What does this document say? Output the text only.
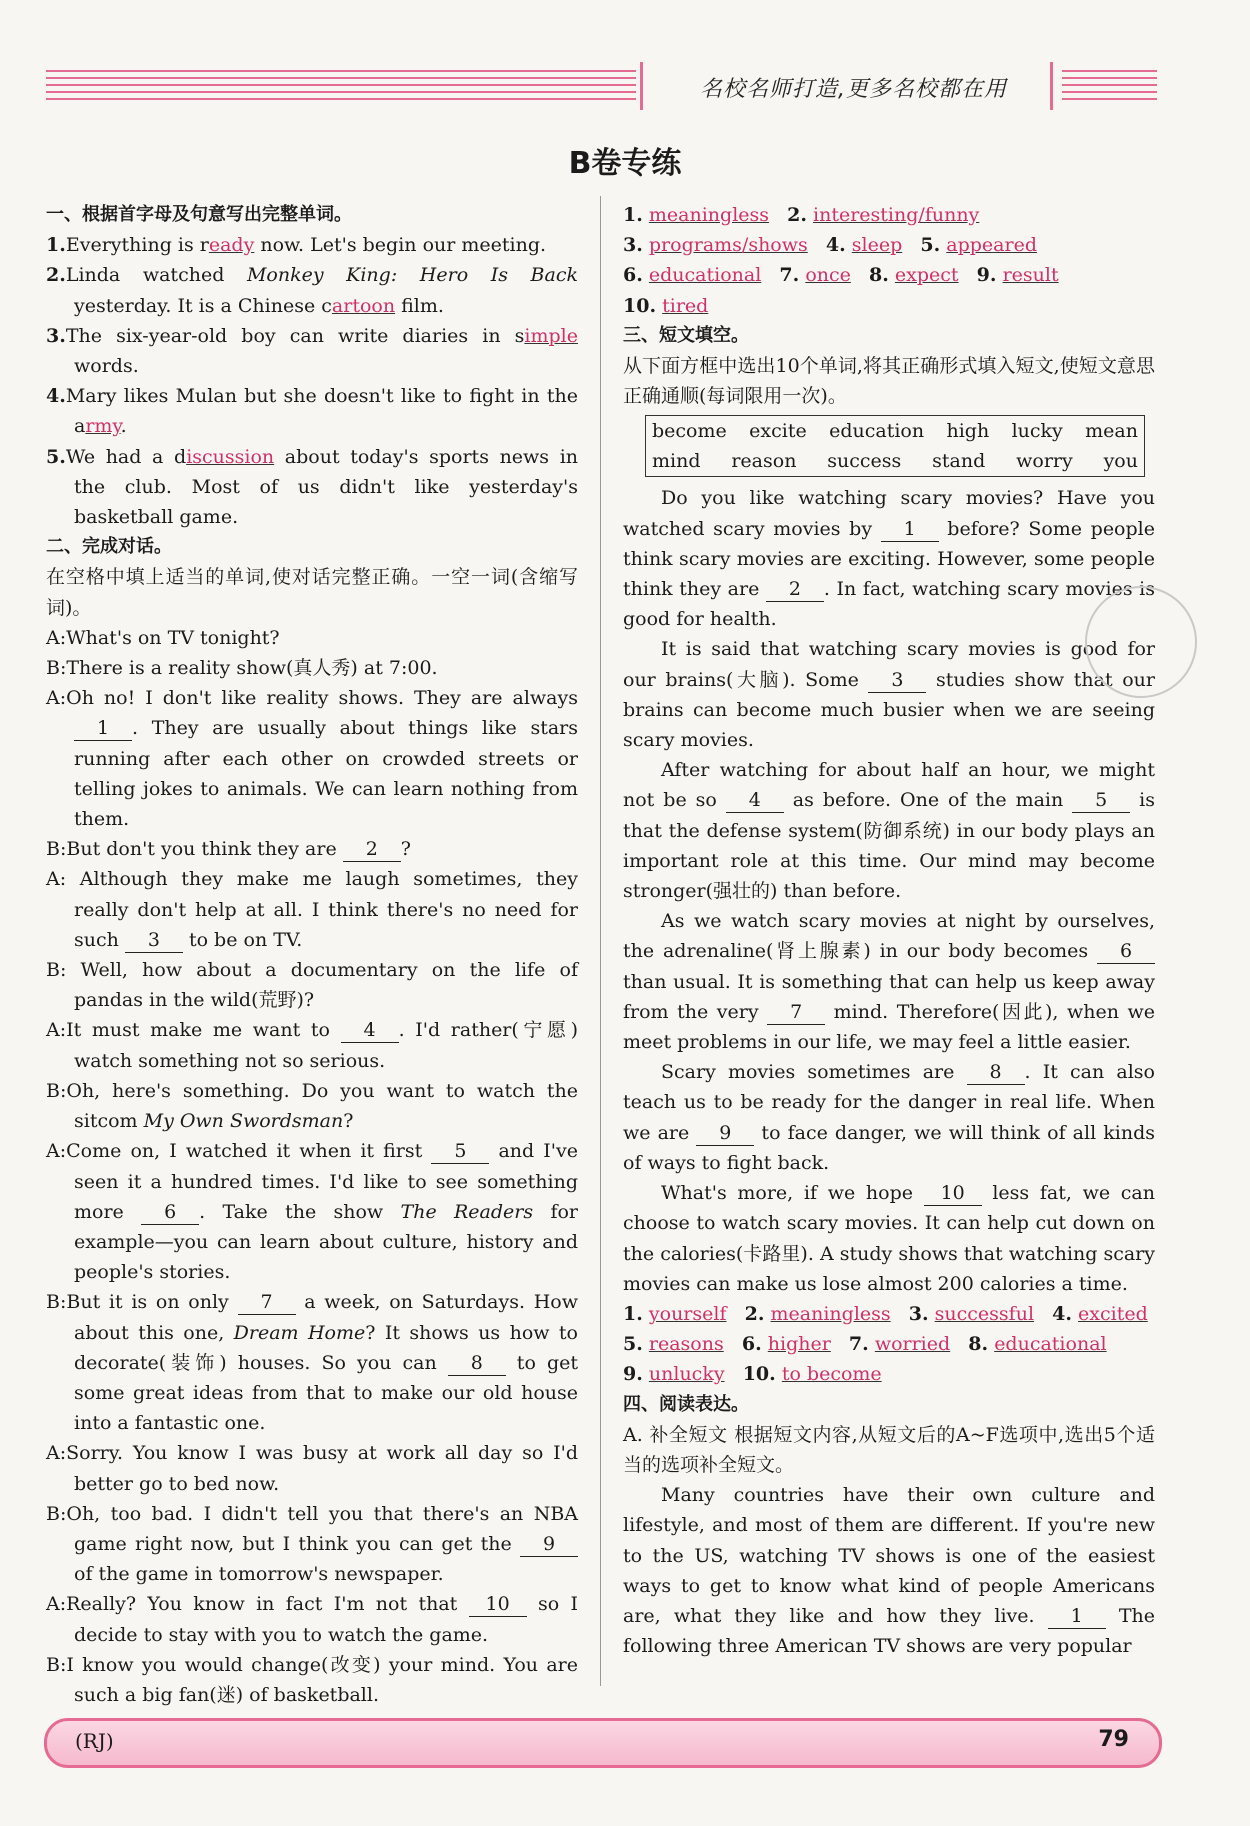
名校名师打造,更多名校都在用
B卷专练
一、根据首字母及句意写出完整单词。

1.Everything is ready now. Let's begin our meeting.

2.Linda watched Monkey King: Hero Is Back yesterday. It is a Chinese cartoon film.

3.The six-year-old boy can write diaries in simple words.

4.Mary likes Mulan but she doesn't like to fight in the army.

5.We had a discussion about today's sports news in the club. Most of us didn't like yesterday's basketball game.

二、完成对话。

在空格中填上适当的单词,使对话完整正确。一空一词(含缩写词)。

A:What's on TV tonight?

B:There is a reality show(真人秀) at 7:00.

A:Oh no! I don't like reality shows. They are always 1 . They are usually about things like stars running after each other on crowded streets or telling jokes to animals. We can learn nothing from them.

B:But don't you think they are 2 ?

A: Although they make me laugh sometimes, they really don't help at all. I think there's no need for such 3 to be on TV.

B: Well, how about a documentary on the life of pandas in the wild(荒野)?

A:It must make me want to 4 . I'd rather(宁愿) watch something not so serious.

B:Oh, here's something. Do you want to watch the sitcom My Own Swordsman?

A:Come on, I watched it when it first 5 and I've seen it a hundred times. I'd like to see something more 6 . Take the show The Readers for example—you can learn about culture, history and people's stories.

B:But it is on only 7 a week, on Saturdays. How about this one, Dream Home? It shows us how to decorate(装饰) houses. So you can 8 to get some great ideas from that to make our old house into a fantastic one.

A:Sorry. You know I was busy at work all day so I'd better go to bed now.

B:Oh, too bad. I didn't tell you that there's an NBA game right now, but I think you can get the 9 of the game in tomorrow's newspaper.

A:Really? You know in fact I'm not that 10 so I decide to stay with you to watch the game.

B:I know you would change(改变) your mind. You are such a big fan(迷) of basketball.

1. meaningless 2. interesting/funny

3. programs/shows 4. sleep 5. appeared

6. educational 7. once 8. expect 9. result

10. tired

三、短文填空。

从下面方框中选出10个单词,将其正确形式填入短文,使短文意思正确通顺(每词限用一次)。

become excite education high lucky mean
mind reason success stand worry you

Do you like watching scary movies? Have you watched scary movies by 1 before? Some people think scary movies are exciting. However, some people think they are 2 . In fact, watching scary movies is good for health.

It is said that watching scary movies is good for our brains(大脑). Some 3 studies show that our brains can become much busier when we are seeing scary movies.

After watching for about half an hour, we might not be so 4 as before. One of the main 5 is that the defense system(防御系统) in our body plays an important role at this time. Our mind may become stronger(强壮的) than before.

As we watch scary movies at night by ourselves, the adrenaline(肾上腺素) in our body becomes 6 than usual. It is something that can help us keep away from the very 7 mind. Therefore(因此), when we meet problems in our life, we may feel a little easier.

Scary movies sometimes are 8 . It can also teach us to be ready for the danger in real life. When we are 9 to face danger, we will think of all kinds of ways to fight back.

What's more, if we hope 10 less fat, we can choose to watch scary movies. It can help cut down on the calories(卡路里). A study shows that watching scary movies can make us lose almost 200 calories a time.

1. yourself 2. meaningless 3. successful 4. excited

5. reasons 6. higher 7. worried 8. educational

9. unlucky 10. to become

四、阅读表达。

A. 补全短文 根据短文内容,从短文后的A~F选项中,选出5个适当的选项补全短文。

Many countries have their own culture and lifestyle, and most of them are different. If you're new to the US, watching TV shows is one of the easiest ways to get to know what kind of people Americans are, what they like and how they live. 1 The following three American TV shows are very popular

(RJ)	79
